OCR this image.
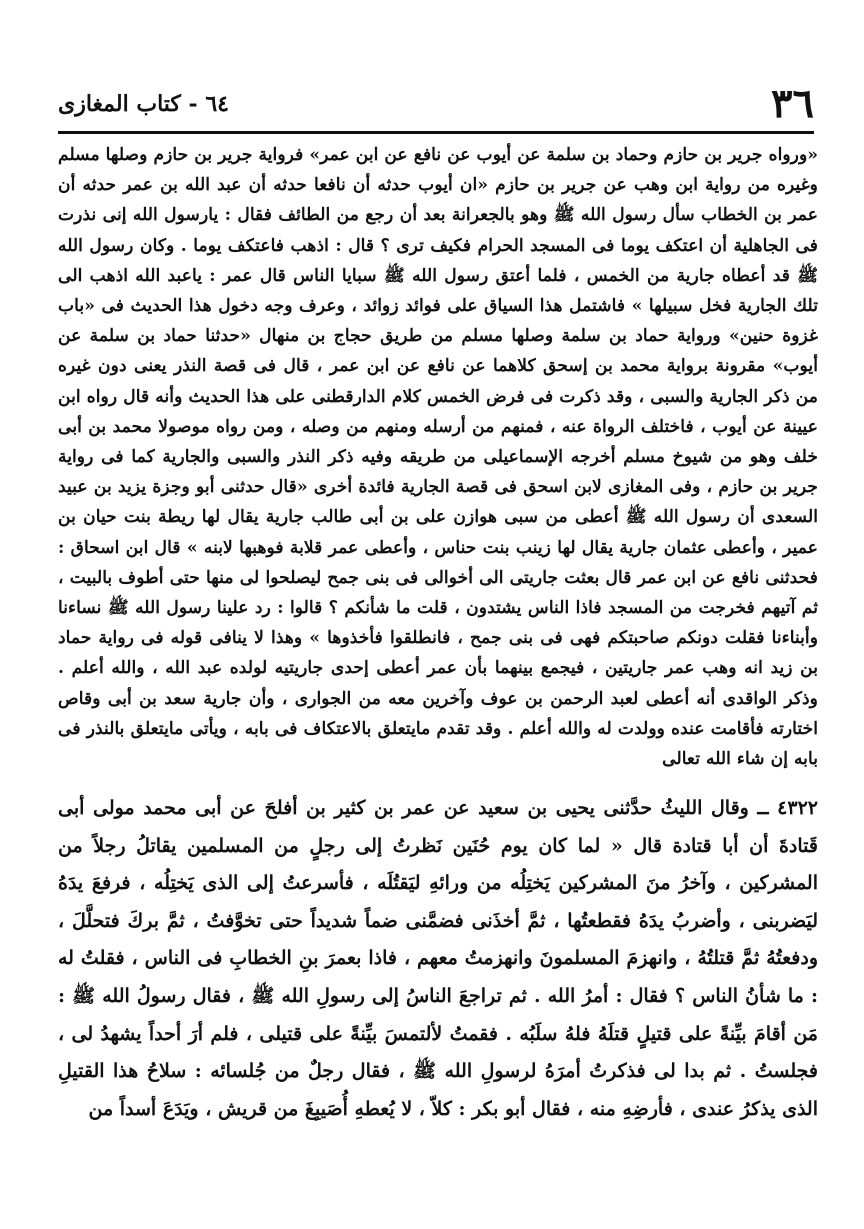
٣٦
٦٤ - كتاب المغازى
«ورواه جرير بن حازم وحماد بن سلمة عن أيوب عن نافع عن ابن عمر» فرواية جرير بن حازم وصلها مسلم وغيره من رواية ابن وهب عن جرير بن حازم «ان أيوب حدثه أن نافعا حدثه أن عبد الله بن عمر حدثه أن عمر بن الخطاب سأل رسول الله ﷺ وهو بالجعرانة بعد أن رجع من الطائف فقال : يارسول الله إنى نذرت فى الجاهلية أن اعتكف يوما فى المسجد الحرام فكيف ترى ؟ قال : اذهب فاعتكف يوما . وكان رسول الله ﷺ قد أعطاه جارية من الخمس ، فلما أعتق رسول الله ﷺ سبايا الناس قال عمر : ياعبد الله اذهب الى تلك الجارية فخل سبيلها » فاشتمل هذا السياق على فوائد زوائد ، وعرف وجه دخول هذا الحديث فى «باب غزوة حنين» ورواية حماد بن سلمة وصلها مسلم من طريق حجاج بن منهال «حدثنا حماد بن سلمة عن أيوب» مقرونة برواية محمد بن إسحق كلاهما عن نافع عن ابن عمر ، قال فى قصة النذر يعنى دون غيره من ذكر الجارية والسبى ، وقد ذكرت فى فرض الخمس كلام الدارقطنى على هذا الحديث وأنه قال رواه ابن عيينة عن أيوب ، فاختلف الرواة عنه ، فمنهم من أرسله ومنهم من وصله ، ومن رواه موصولا محمد بن أبى خلف وهو من شيوخ مسلم أخرجه الإسماعيلى من طريقه وفيه ذكر النذر والسبى والجارية كما فى رواية جرير بن حازم ، وفى المغازى لابن اسحق فى قصة الجارية فائدة أخرى «قال حدثنى أبو وجزة يزيد بن عبيد السعدى أن رسول الله ﷺ أعطى من سبى هوازن على بن أبى طالب جارية يقال لها ريطة بنت حيان بن عمير ، وأعطى عثمان جارية يقال لها زينب بنت حناس ، وأعطى عمر قلابة فوهبها لابنه » قال ابن اسحاق : فحدثنى نافع عن ابن عمر قال بعثت جاريتى الى أخوالى فى بنى جمح ليصلحوا لى منها حتى أطوف بالبيت ، ثم آتيهم فخرجت من المسجد فاذا الناس يشتدون ، قلت ما شأنكم ؟ قالوا : رد علينا رسول الله ﷺ نساءنا وأبناءنا فقلت دونكم صاحبتكم فهى فى بنى جمح ، فانطلقوا فأخذوها » وهذا لا ينافى قوله فى رواية حماد بن زيد انه وهب عمر جاريتين ، فيجمع بينهما بأن عمر أعطى إحدى جاريتيه لولده عبد الله ، والله أعلم . وذكر الواقدى أنه أعطى لعبد الرحمن بن عوف وآخرين معه من الجوارى ، وأن جارية سعد بن أبى وقاص اختارته فأقامت عنده وولدت له والله أعلم . وقد تقدم مايتعلق بالاعتكاف فى بابه ، ويأتى مايتعلق بالنذر فى بابه إن شاء الله تعالى
٤٣٢٢ ــ وقال الليثُ حدَّثنى يحيى بن سعيد عن عمر بن كثير بن أفلحَ عن أبى محمد مولى أبى قَتادةَ أن أبا قتادة قال « لما كان يوم حُنَين نَظرتُ إلى رجلٍ من المسلمين يقاتلُ رجلاً من المشركين ، وآخرُ منَ المشركين يَختِلُه من ورائهِ ليَقتُلَه ، فأسرعتُ إلى الذى يَختِلُه ، فرفعَ يدَهُ ليَضربنى ، وأضربُ يدَهُ فقطعتُها ، ثمَّ أخذَنى فضمَّنى ضماً شديداً حتى تخوَّفتُ ، ثمَّ بركَ فتحلَّلَ ، ودفعتُهُ ثمَّ قتلتُهُ ، وانهزمَ المسلمونَ وانهزمتُ معهم ، فاذا بعمرَ بنِ الخطابِ فى الناس ، فقلتُ له : ما شأنُ الناس ؟ فقال : أمرُ الله . ثم تراجعَ الناسُ إلى رسولِ الله ﷺ ، فقال رسولُ الله ﷺ : مَن أقامَ بيِّنةً على قتيلٍ قتلَهُ فلهُ سلَبُه . فقمتُ لألتمسَ بيِّنةً على قتيلى ، فلم أرَ أحداً يشهدُ لى ، فجلستُ . ثم بدا لى فذكرتُ أمرَهُ لرسولِ الله ﷺ ، فقال رجلٌ من جُلسائه : سلاحُ هذا القتيلِ الذى يذكرُ عندى ، فأرضِهِ منه ، فقال أبو بكر : كلاّ ، لا يُعطهِ أُصَيبِغَ من قريش ، ويَدَعَ أسداً من
